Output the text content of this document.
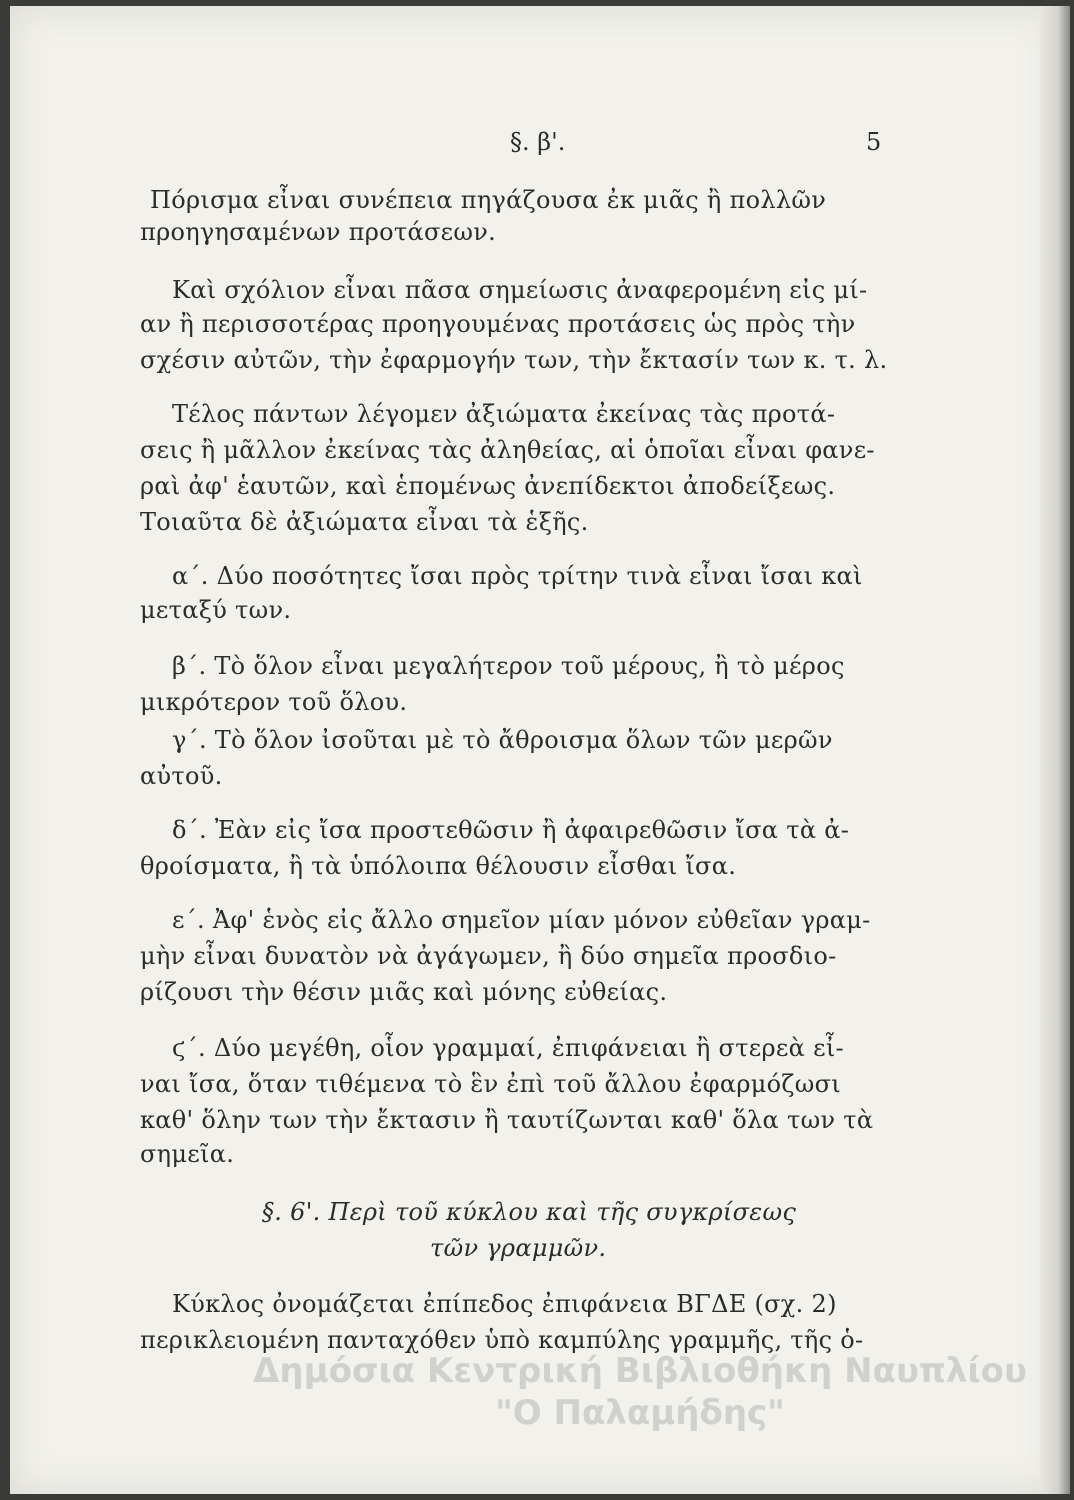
§. β'.	5
Πόρισμα εἶναι συνέπεια πηγάζουσα ἐκ μιᾶς ἢ πολλῶν
προηγησαμένων προτάσεων.
Καὶ σχόλιον εἶναι πᾶσα σημείωσις ἀναφερομένη εἰς μί-
αν ἢ περισσοτέρας προηγουμένας προτάσεις ὡς πρὸς τὴν
σχέσιν αὐτῶν, τὴν ἐφαρμογήν των, τὴν ἔκτασίν των κ. τ. λ.
Τέλος πάντων λέγομεν ἀξιώματα ἐκείνας τὰς προτά-
σεις ἢ μᾶλλον ἐκείνας τὰς ἀληθείας, αἱ ὁποῖαι εἶναι φανε-
ραὶ ἀφ' ἑαυτῶν, καὶ ἑπομένως ἀνεπίδεκτοι ἀποδείξεως.
Τοιαῦτα δὲ ἀξιώματα εἶναι τὰ ἑξῆς.
α΄. Δύο ποσότητες ἴσαι πρὸς τρίτην τινὰ εἶναι ἴσαι καὶ
μεταξύ των.
β΄. Τὸ ὅλον εἶναι μεγαλήτερον τοῦ μέρους, ἢ τὸ μέρος
μικρότερον τοῦ ὅλου.
γ΄. Τὸ ὅλον ἰσοῦται μὲ τὸ ἄθροισμα ὅλων τῶν μερῶν
αὐτοῦ.
δ΄. Ἐὰν εἰς ἴσα προστεθῶσιν ἢ ἀφαιρεθῶσιν ἴσα τὰ ἀ-
θροίσματα, ἢ τὰ ὑπόλοιπα θέλουσιν εἶσθαι ἴσα.
ε΄. Ἀφ' ἑνὸς εἰς ἄλλο σημεῖον μίαν μόνον εὐθεῖαν γραμ-
μὴν εἶναι δυνατὸν νὰ ἀγάγωμεν, ἢ δύο σημεῖα προσδιο-
ρίζουσι τὴν θέσιν μιᾶς καὶ μόνης εὐθείας.
ϛ΄. Δύο μεγέθη, οἷον γραμμαί, ἐπιφάνειαι ἢ στερεὰ εἶ-
ναι ἴσα, ὅταν τιθέμενα τὸ ἓν ἐπὶ τοῦ ἄλλου ἐφαρμόζωσι
καθ' ὅλην των τὴν ἔκτασιν ἢ ταυτίζωνται καθ' ὅλα των τὰ
σημεῖα.
§. 6'. Περὶ τοῦ κύκλου καὶ τῆς συγκρίσεως
τῶν γραμμῶν.
Κύκλος ὀνομάζεται ἐπίπεδος ἐπιφάνεια ΒΓΔΕ (σχ. 2)
περικλειομένη πανταχόθεν ὑπὸ καμπύλης γραμμῆς, τῆς ὁ-
Δημόσια Κεντρική Βιβλιοθήκη Ναυπλίου
"Ο Παλαμήδης"
